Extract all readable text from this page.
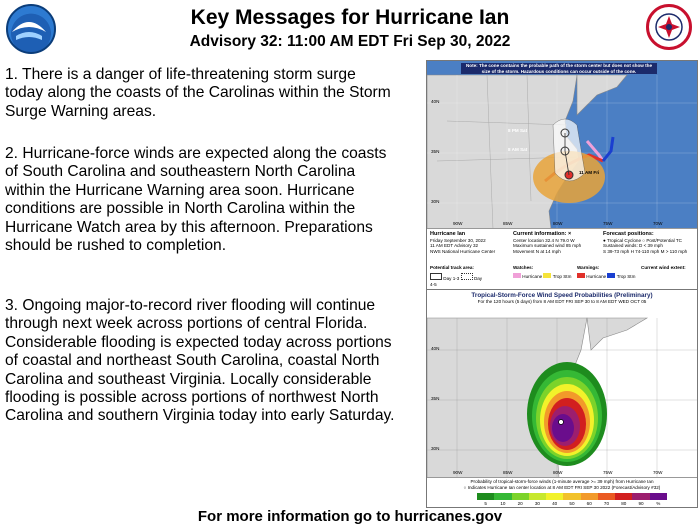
Key Messages for Hurricane Ian
Advisory 32: 11:00 AM EDT Fri Sep 30, 2022
1. There is a danger of life-threatening storm surge today along the coasts of the Carolinas within the Storm Surge Warning areas.
2. Hurricane-force winds are expected along the coasts of South Carolina and southeastern North Carolina within the Hurricane Warning area soon. Hurricane conditions are possible in North Carolina within the Hurricane Watch area by this afternoon. Preparations should be rushed to completion.
3. Ongoing major-to-record river flooding will continue through next week across portions of central Florida. Considerable flooding is expected today across portions of coastal and northeast South Carolina, coastal North Carolina and southeast Virginia. Locally considerable flooding is possible across portions of northwest North Carolina and southern Virginia today into early Saturday.
Note: The cone contains the probable path of the storm center but does not show the size of the storm. Hazardous conditions can occur outside of the cone.
8 PM Sat
8 AM Sat
11 AM Fri
40N
35N
30N
90W	85W	80W	75W	70W
Hurricane Ian
Friday September 30, 2022
11 AM EDT Advisory 32
NWS National Hurricane Center
Current information: ×
Center location 32.4 N 79.0 W
Maximum sustained wind 85 mph
Movement N at 14 mph
Forecast positions:
● Tropical Cyclone ○ Post/Potential TC
Sustained winds: D < 39 mph
S 39-73 mph H 74-110 mph M > 110 mph
Potential track area:
Day 1-3	Day 4-5
Watches:
Hurricane Trop Stm
Warnings:
Hurricane Trop Stm
Current wind extent:
Tropical-Storm-Force Wind Speed Probabilities (Preliminary)
For the 120 hours (5 days) from 8 AM EDT FRI SEP 30 to 8 AM EDT WED OCT 05
40N
35N
30N
90W	85W	80W	75W	70W
Probability of tropical-storm-force winds (1-minute average >= 39 mph) from Hurricane Ian
○ Indicates Hurricane Ian center location at 8 AM EDT FRI SEP 30 2022 (Forecast/Advisory #32)
5	10	20	30	40	50	60	70	80	90	%
For more information go to hurricanes.gov
